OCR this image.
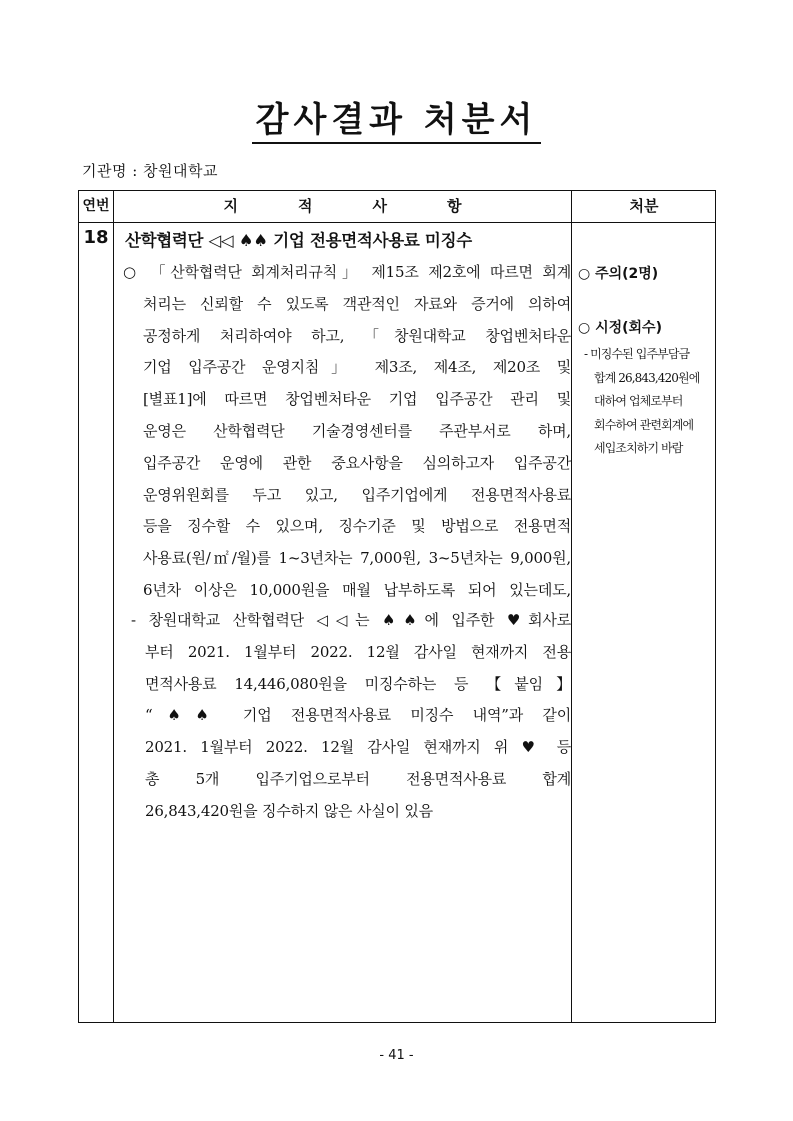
감사결과 처분서
기관명 : 창원대학교
연번	지　　　　적　　　　사　　　　항	처분
18 산학협력단 ◁◁ ♠♠ 기업 전용면적사용료 미징수
○ 「산학협력단 회계처리규칙」 제15조 제2호에 따르면 회계
처리는 신뢰할 수 있도록 객관적인 자료와 증거에 의하여
공정하게 처리하여야 하고, 「창원대학교 창업벤처타운
기업 입주공간 운영지침」 제3조, 제4조, 제20조 및
[별표1]에 따르면 창업벤처타운 기업 입주공간 관리 및
운영은 산학협력단 기술경영센터를 주관부서로 하며,
입주공간 운영에 관한 중요사항을 심의하고자 입주공간
운영위원회를 두고 있고, 입주기업에게 전용면적사용료
등을 징수할 수 있으며, 징수기준 및 방법으로 전용면적
사용료(원/㎡/월)를 1~3년차는 7,000원, 3~5년차는 9,000원,
6년차 이상은 10,000원을 매월 납부하도록 되어 있는데도,
- 창원대학교 산학협력단 ◁◁는 ♠♠에 입주한 ♥회사로
부터 2021. 1월부터 2022. 12월 감사일 현재까지 전용
면적사용료 14,446,080원을 미징수하는 등 【붙임】
“♠♠ 기업 전용면적사용료 미징수 내역”과 같이
2021. 1월부터 2022. 12월 감사일 현재까지 위 ♥ 등
총 5개 입주기업으로부터 전용면적사용료 합계
26,843,420원을 징수하지 않은 사실이 있음
○ 주의(2명)
○ 시정(회수)
- 미징수된 입주부담금
합계 26,843,420원에
대하여 업체로부터
회수하여 관련회계에
세입조치하기 바람
- 41 -
